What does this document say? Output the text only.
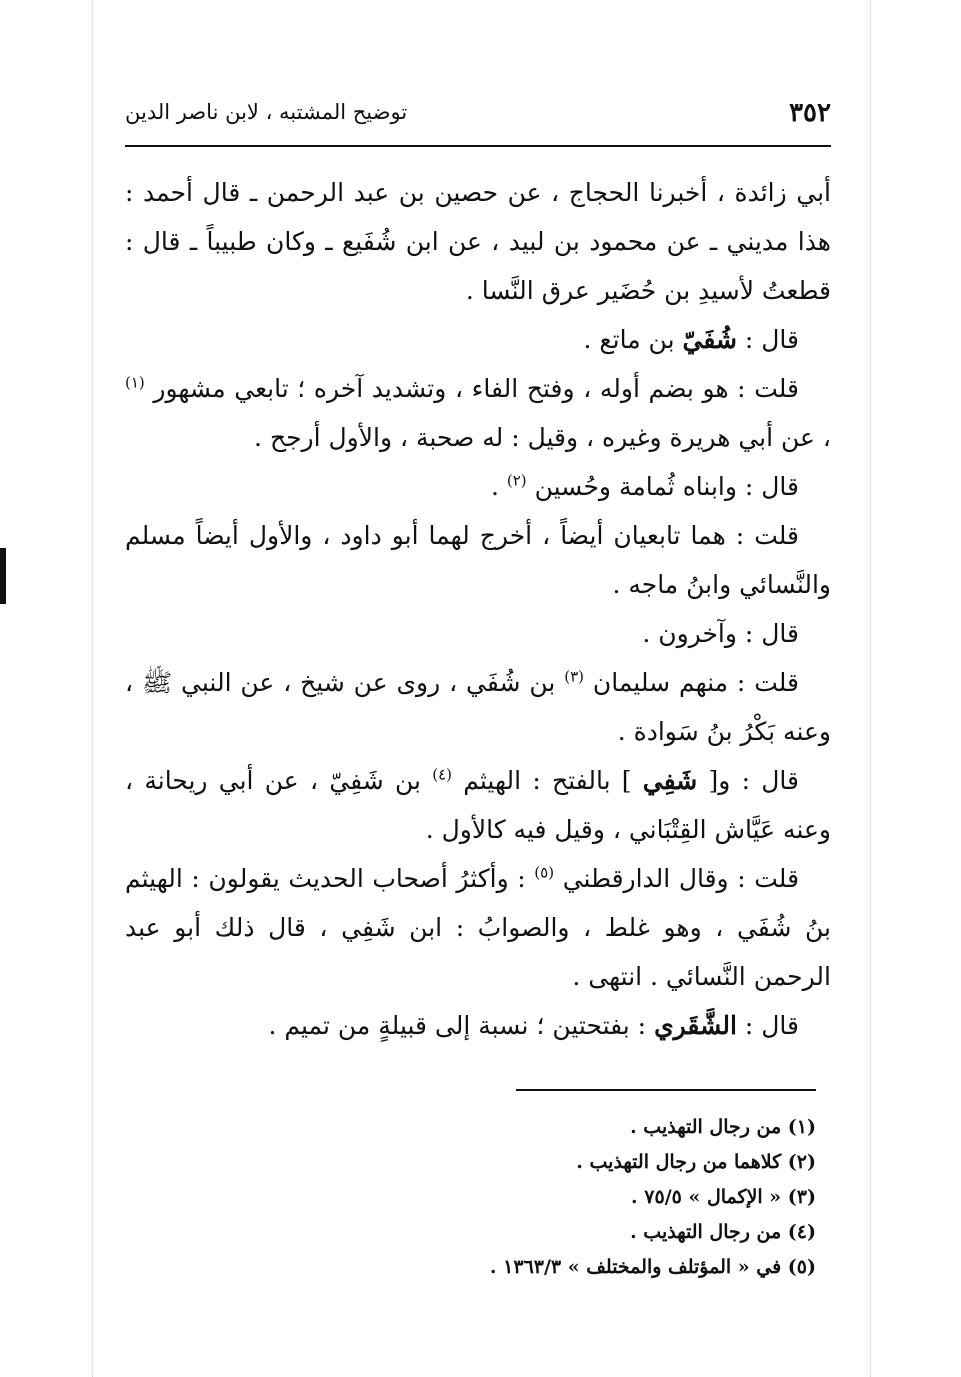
٣٥٢
توضيح المشتبه ، لابن ناصر الدين

أبي زائدة ، أخبرنا الحجاج ، عن حصين بن عبد الرحمن ـ قال أحمد : هذا مديني ـ عن محمود بن لبيد ، عن ابن شُفَيع ـ وكان طبيباً ـ قال : قطعتُ لأسيدِ بن حُضَير عرق النَّسا .

قال : شُفَيّ بن ماتع .

قلت : هو بضم أوله ، وفتح الفاء ، وتشديد آخره ؛ تابعي مشهور $^{(١)}$ ، عن أبي هريرة وغيره ، وقيل : له صحبة ، والأول أرجح .

قال : وابناه ثُمامة وحُسين $^{(٢)}$ .

قلت : هما تابعيان أيضاً ، أخرج لهما أبو داود ، والأول أيضاً مسلم والنَّسائي وابنُ ماجه .

قال : وآخرون .

قلت : منهم سليمان $^{(٣)}$ بن شُفَي ، روى عن شيخ ، عن النبي ﷺ ، وعنه بَكْرُ بنُ سَوادة .

قال : و[ شَفِي ] بالفتح : الهيثم $^{(٤)}$ بن شَفِيّ ، عن أبي ريحانة ، وعنه عَيَّاش القِتْبَاني ، وقيل فيه كالأول .

قلت : وقال الدارقطني $^{(٥)}$ : وأكثرُ أصحاب الحديث يقولون : الهيثم بنُ شُفَي ، وهو غلط ، والصوابُ : ابن شَفِي ، قال ذلك أبو عبد الرحمن النَّسائي . انتهى .

قال : الشَّقَري : بفتحتين ؛ نسبة إلى قبيلةٍ من تميم .

(١) من رجال التهذيب .
(٢) كلاهما من رجال التهذيب .
(٣) « الإكمال » ٧٥/٥ .
(٤) من رجال التهذيب .
(٥) في « المؤتلف والمختلف » ١٣٦٣/٣ .
